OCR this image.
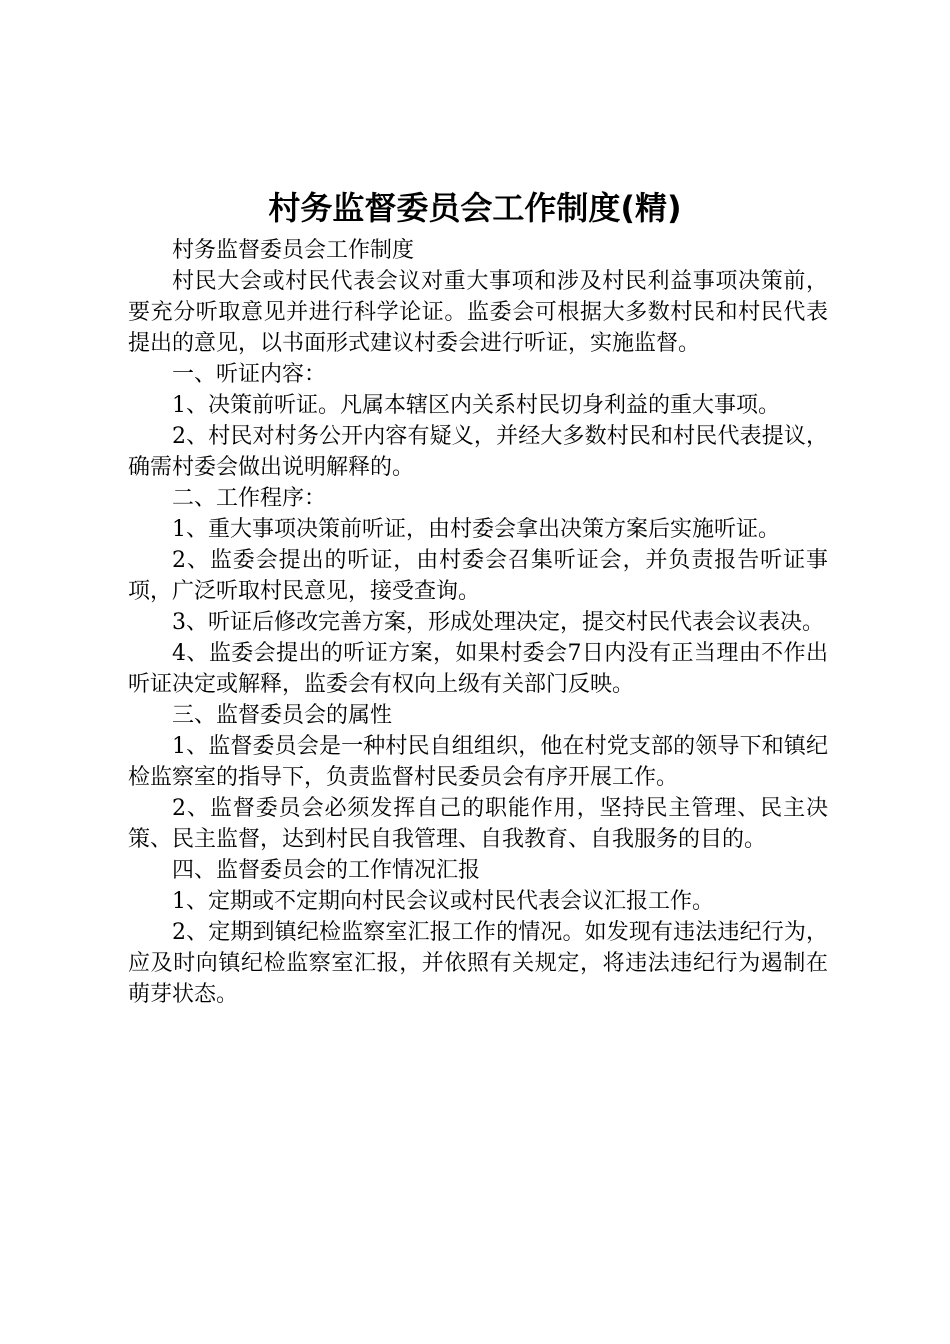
村务监督委员会工作制度(精)

村务监督委员会工作制度

村民大会或村民代表会议对重大事项和涉及村民利益事项决策前，要充分听取意见并进行科学论证。监委会可根据大多数村民和村民代表提出的意见，以书面形式建议村委会进行听证，实施监督。

一、听证内容：

1、决策前听证。凡属本辖区内关系村民切身利益的重大事项。

2、村民对村务公开内容有疑义，并经大多数村民和村民代表提议，确需村委会做出说明解释的。

二、工作程序：

1、重大事项决策前听证，由村委会拿出决策方案后实施听证。

2、监委会提出的听证，由村委会召集听证会，并负责报告听证事项，广泛听取村民意见，接受查询。

3、听证后修改完善方案，形成处理决定，提交村民代表会议表决。

4、监委会提出的听证方案，如果村委会7日内没有正当理由不作出听证决定或解释，监委会有权向上级有关部门反映。

三、监督委员会的属性

1、监督委员会是一种村民自组组织，他在村党支部的领导下和镇纪检监察室的指导下，负责监督村民委员会有序开展工作。

2、监督委员会必须发挥自己的职能作用，坚持民主管理、民主决策、民主监督，达到村民自我管理、自我教育、自我服务的目的。

四、监督委员会的工作情况汇报

1、定期或不定期向村民会议或村民代表会议汇报工作。

2、定期到镇纪检监察室汇报工作的情况。如发现有违法违纪行为，应及时向镇纪检监察室汇报，并依照有关规定，将违法违纪行为遏制在萌芽状态。
